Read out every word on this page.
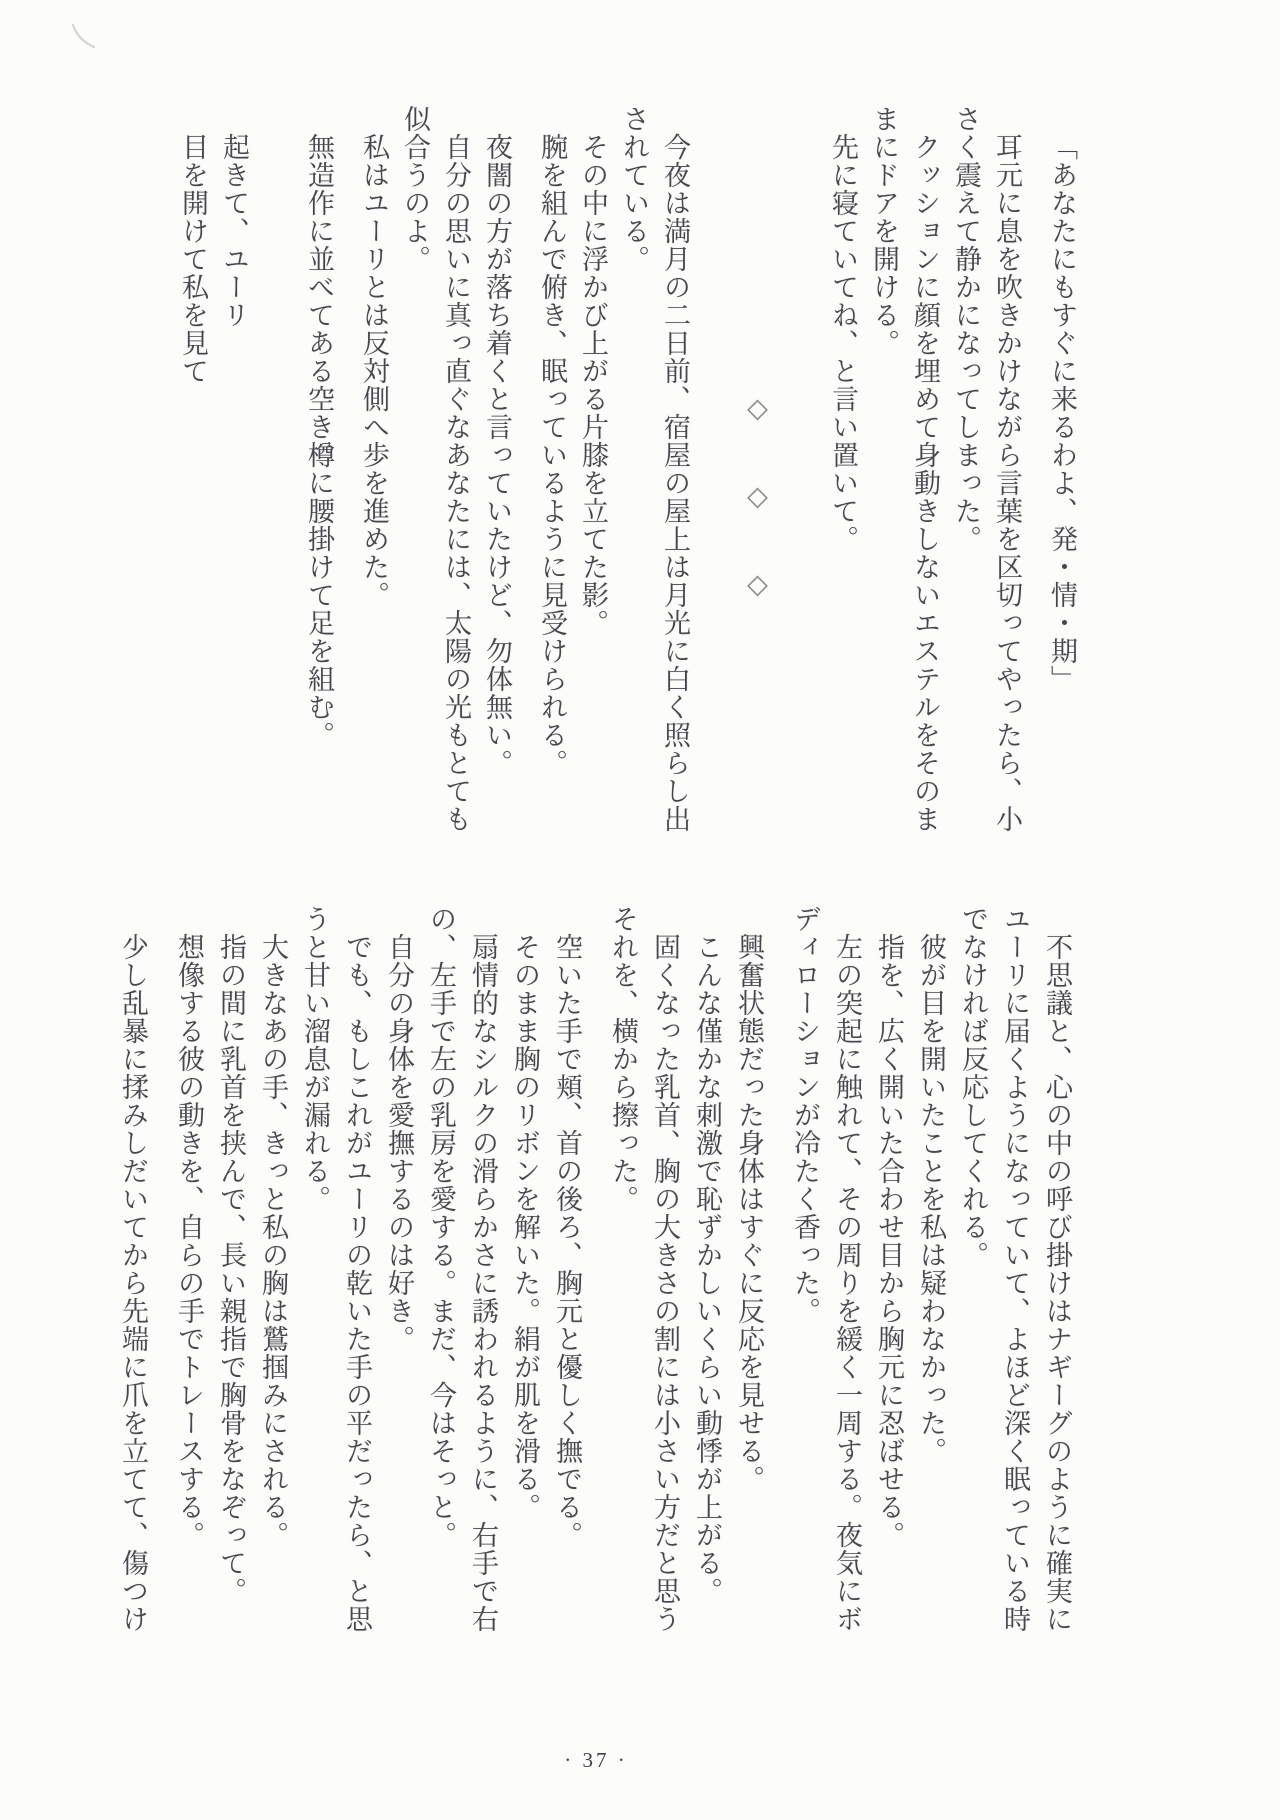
「あなたにもすぐに来るわよ、発・情・期」
耳元に息を吹きかけながら言葉を区切ってやったら、小
さく震えて静かになってしまった。
クッションに顔を埋めて身動きしないエステルをそのま
まにドアを開ける。
先に寝ていてね、と言い置いて。
◇　　◇　　◇
今夜は満月の二日前、宿屋の屋上は月光に白く照らし出
されている。
その中に浮かび上がる片膝を立てた影。
腕を組んで俯き、眠っているように見受けられる。
夜闇の方が落ち着くと言っていたけど、勿体無い。
自分の思いに真っ直ぐなあなたには、太陽の光もとても
似合うのよ。
私はユーリとは反対側へ歩を進めた。
無造作に並べてある空き樽に腰掛けて足を組む。
起きて、ユーリ
目を開けて私を見て
不思議と、心の中の呼び掛けはナギーグのように確実に
ユーリに届くようになっていて、よほど深く眠っている時
でなければ反応してくれる。
彼が目を開いたことを私は疑わなかった。
指を、広く開いた合わせ目から胸元に忍ばせる。
左の突起に触れて、その周りを緩く一周する。夜気にボ
ディローションが冷たく香った。
興奮状態だった身体はすぐに反応を見せる。
こんな僅かな刺激で恥ずかしいくらい動悸が上がる。
固くなった乳首、胸の大きさの割には小さい方だと思う
それを、横から擦った。
空いた手で頬、首の後ろ、胸元と優しく撫でる。
そのまま胸のリボンを解いた。絹が肌を滑る。
扇情的なシルクの滑らかさに誘われるように、右手で右
の、左手で左の乳房を愛する。まだ、今はそっと。
自分の身体を愛撫するのは好き。
でも、もしこれがユーリの乾いた手の平だったら、と思
うと甘い溜息が漏れる。
大きなあの手、きっと私の胸は鷲掴みにされる。
指の間に乳首を挟んで、長い親指で胸骨をなぞって。
想像する彼の動きを、自らの手でトレースする。
少し乱暴に揉みしだいてから先端に爪を立てて、傷つけ
· 37 ·
